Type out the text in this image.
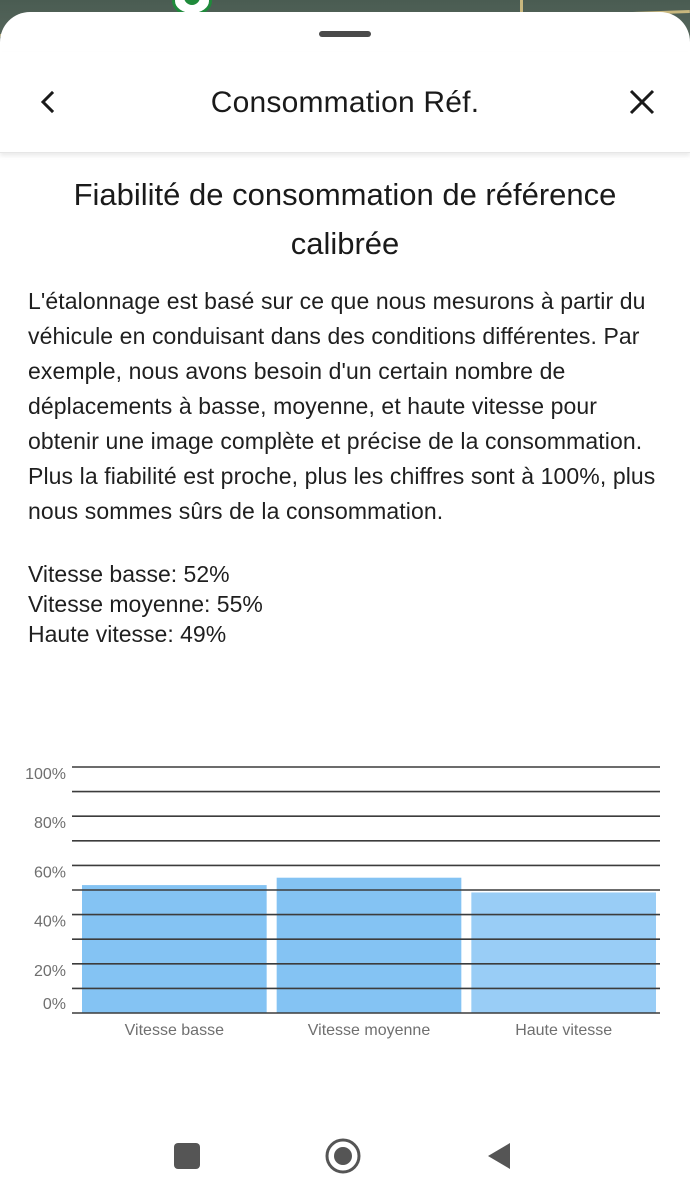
Consommation Réf.
Fiabilité de consommation de référence calibrée

L'étalonnage est basé sur ce que nous mesurons à partir du véhicule en conduisant dans des conditions différentes. Par exemple, nous avons besoin d'un certain nombre de déplacements à basse, moyenne, et haute vitesse pour obtenir une image complète et précise de la consommation. Plus la fiabilité est proche, plus les chiffres sont à 100%, plus nous sommes sûrs de la consommation.

Vitesse basse: 52%
Vitesse moyenne: 55%
Haute vitesse: 49%
Vitesse basse	Vitesse moyenne	Haute vitesse
0%
20%
40%
60%
80%
100%
